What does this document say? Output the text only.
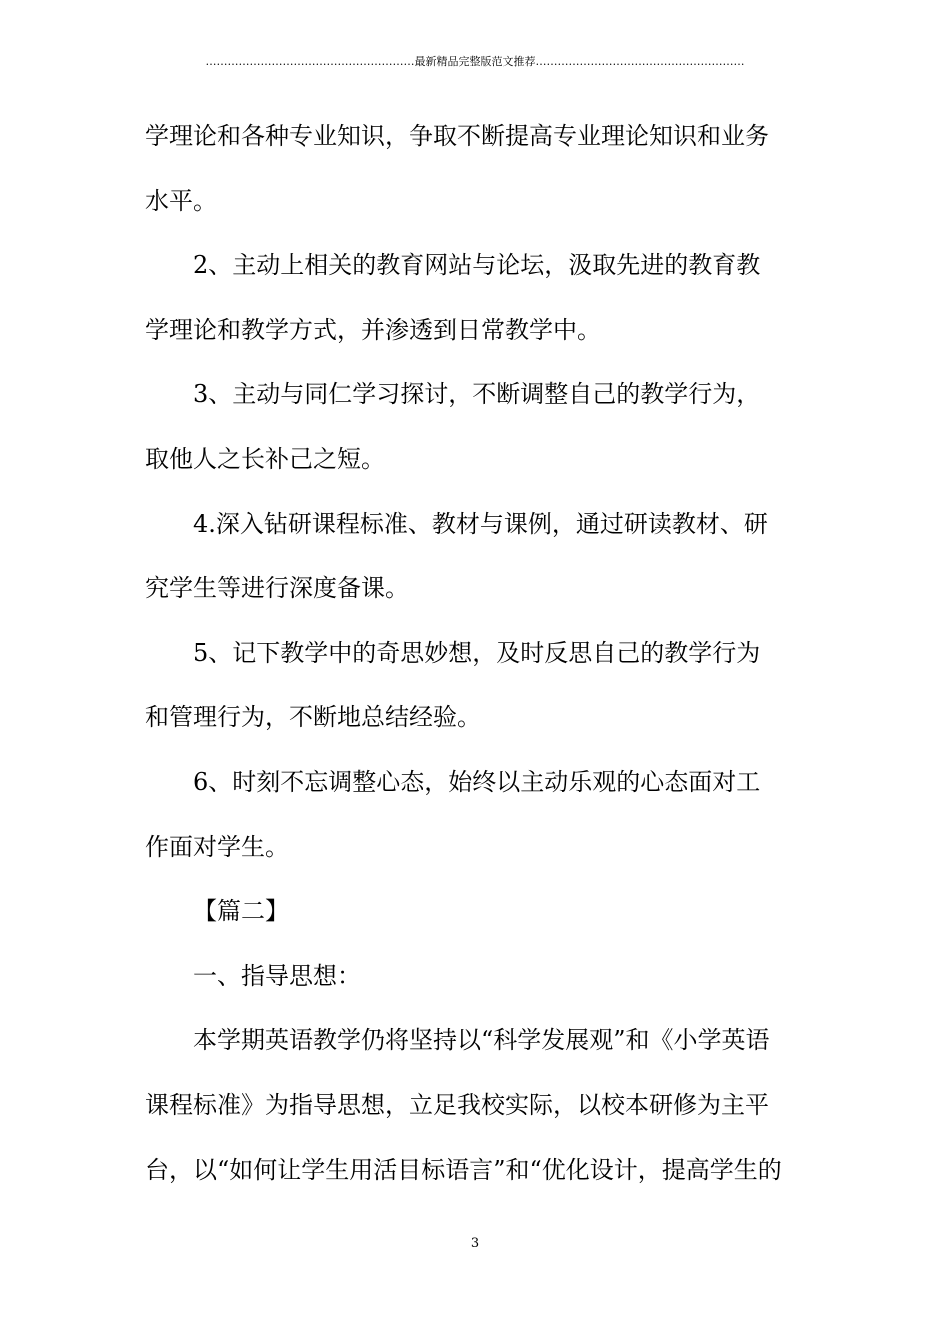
…………………………………………………最新精品完整版范文推荐…………………………………………………
学理论和各种专业知识，争取不断提高专业理论知识和业务
水平。
2、主动上相关的教育网站与论坛，汲取先进的教育教
学理论和教学方式，并渗透到日常教学中。
3、主动与同仁学习探讨，不断调整自己的教学行为，
取他人之长补己之短。
4.深入钻研课程标准、教材与课例，通过研读教材、研
究学生等进行深度备课。
5、记下教学中的奇思妙想，及时反思自己的教学行为
和管理行为，不断地总结经验。
6、时刻不忘调整心态，始终以主动乐观的心态面对工
作面对学生。
【篇二】
一、指导思想：
本学期英语教学仍将坚持以“科学发展观”和《小学英语
课程标准》为指导思想，立足我校实际，以校本研修为主平
台，以“如何让学生用活目标语言”和“优化设计，提高学生的
3
